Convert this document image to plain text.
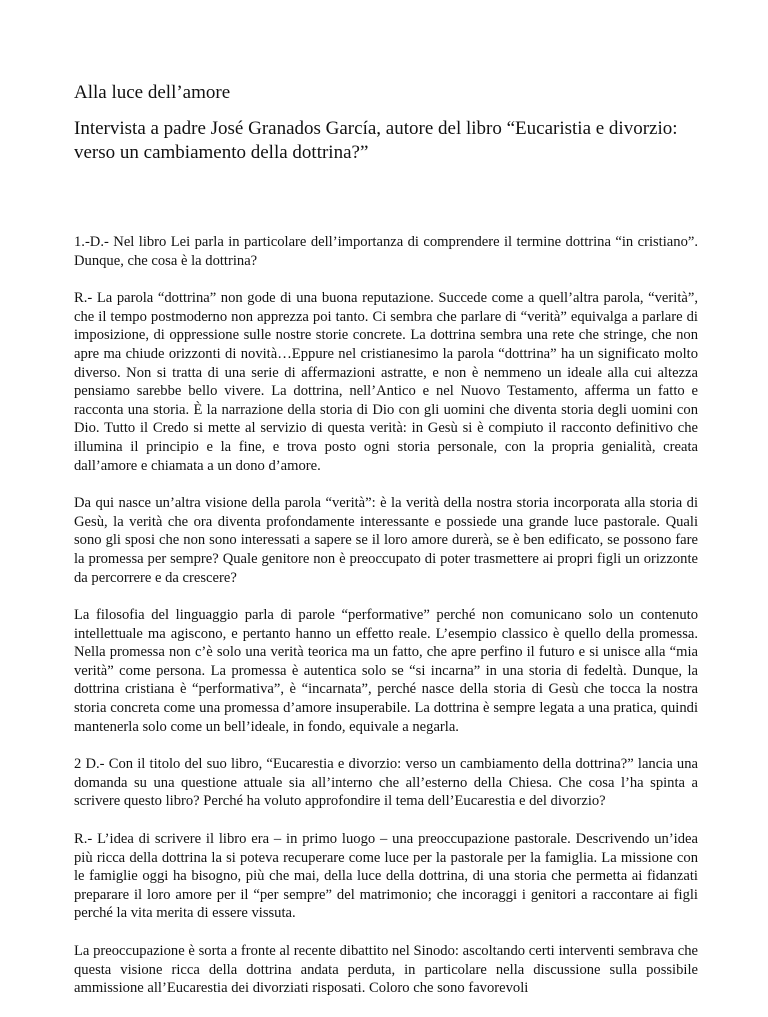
Alla luce dell’amore
Intervista a padre José Granados García, autore del libro “Eucaristia e divorzio: verso un cambiamento della dottrina?”

1.-D.- Nel libro Lei parla in particolare dell’importanza di comprendere il termine dottrina “in cristiano”. Dunque, che cosa è la dottrina?

R.- La parola “dottrina” non gode di una buona reputazione. Succede come a quell’altra parola, “verità”, che il tempo postmoderno non apprezza poi tanto. Ci sembra che parlare di “verità” equivalga a parlare di imposizione, di oppressione sulle nostre storie concrete. La dottrina sembra una rete che stringe, che non apre ma chiude orizzonti di novità…Eppure nel cristianesimo la parola “dottrina” ha un significato molto diverso. Non si tratta di una serie di affermazioni astratte, e non è nemmeno un ideale alla cui altezza pensiamo sarebbe bello vivere. La dottrina, nell’Antico e nel Nuovo Testamento, afferma un fatto e racconta una storia. È la narrazione della storia di Dio con gli uomini che diventa storia degli uomini con Dio. Tutto il Credo si mette al servizio di questa verità: in Gesù si è compiuto il racconto definitivo che illumina il principio e la fine, e trova posto ogni storia personale, con la propria genialità, creata dall’amore e chiamata a un dono d’amore.

Da qui nasce un’altra visione della parola “verità”: è la verità della nostra storia incorporata alla storia di Gesù, la verità che ora diventa profondamente interessante e possiede una grande luce pastorale. Quali sono gli sposi che non sono interessati a sapere se il loro amore durerà, se è ben edificato, se possono fare la promessa per sempre? Quale genitore non è preoccupato di poter trasmettere ai propri figli un orizzonte da percorrere e da crescere?

La filosofia del linguaggio parla di parole “performative” perché non comunicano solo un contenuto intellettuale ma agiscono, e pertanto hanno un effetto reale. L’esempio classico è quello della promessa. Nella promessa non c’è solo una verità teorica ma un fatto, che apre perfino il futuro e si unisce alla “mia verità” come persona. La promessa è autentica solo se “si incarna” in una storia di fedeltà. Dunque, la dottrina cristiana è “performativa”, è “incarnata”, perché nasce della storia di Gesù che tocca la nostra storia concreta come una promessa d’amore insuperabile. La dottrina è sempre legata a una pratica, quindi mantenerla solo come un bell’ideale, in fondo, equivale a negarla.

2 D.- Con il titolo del suo libro, “Eucarestia e divorzio: verso un cambiamento della dottrina?” lancia una domanda su una questione attuale sia all’interno che all’esterno della Chiesa. Che cosa l’ha spinta a scrivere questo libro? Perché ha voluto approfondire il tema dell’Eucarestia e del divorzio?

R.- L’idea di scrivere il libro era – in primo luogo – una preoccupazione pastorale. Descrivendo un’idea più ricca della dottrina la si poteva recuperare come luce per la pastorale per la famiglia. La missione con le famiglie oggi ha bisogno, più che mai, della luce della dottrina, di una storia che permetta ai fidanzati preparare il loro amore per il “per sempre” del matrimonio; che incoraggi i genitori a raccontare ai figli perché la vita merita di essere vissuta.

La preoccupazione è sorta a fronte al recente dibattito nel Sinodo: ascoltando certi interventi sembrava che questa visione ricca della dottrina andata perduta, in particolare nella discussione sulla possibile ammissione all’Eucarestia dei divorziati risposati. Coloro che sono favorevoli
